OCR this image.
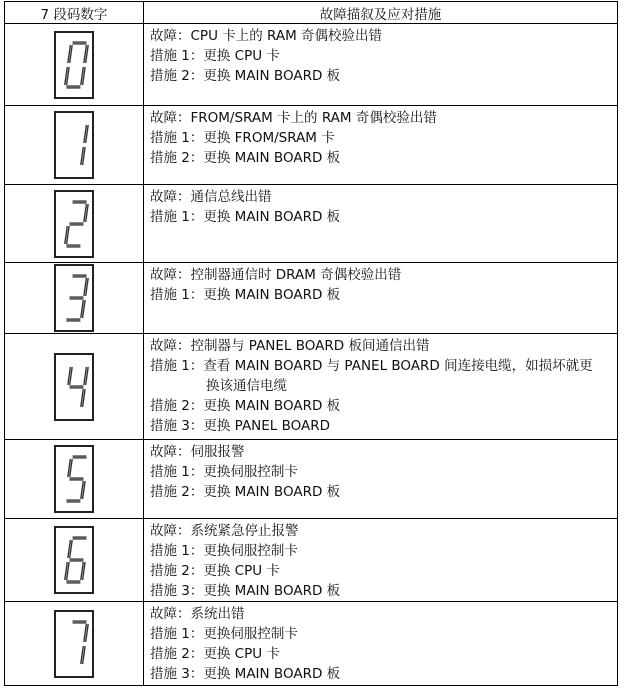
7 段码数字	故障描叙及应对措施

故障：CPU 卡上的 RAM 奇偶校验出错
措施 1：更换 CPU 卡
措施 2：更换 MAIN BOARD 板

故障：FROM/SRAM 卡上的 RAM 奇偶校验出错
措施 1：更换 FROM/SRAM 卡
措施 2：更换 MAIN BOARD 板

故障：通信总线出错
措施 1：更换 MAIN BOARD 板

故障：控制器通信时 DRAM 奇偶校验出错
措施 1：更换 MAIN BOARD 板

故障：控制器与 PANEL BOARD 板间通信出错
措施 1：查看 MAIN BOARD 与 PANEL BOARD 间连接电缆，如损坏就更
换该通信电缆
措施 2：更换 MAIN BOARD 板
措施 3：更换 PANEL BOARD

故障：伺服报警
措施 1：更换伺服控制卡
措施 2：更换 MAIN BOARD 板

故障：系统紧急停止报警
措施 1：更换伺服控制卡
措施 2：更换 CPU 卡
措施 3：更换 MAIN BOARD 板

故障：系统出错
措施 1：更换伺服控制卡
措施 2：更换 CPU 卡
措施 3：更换 MAIN BOARD 板
